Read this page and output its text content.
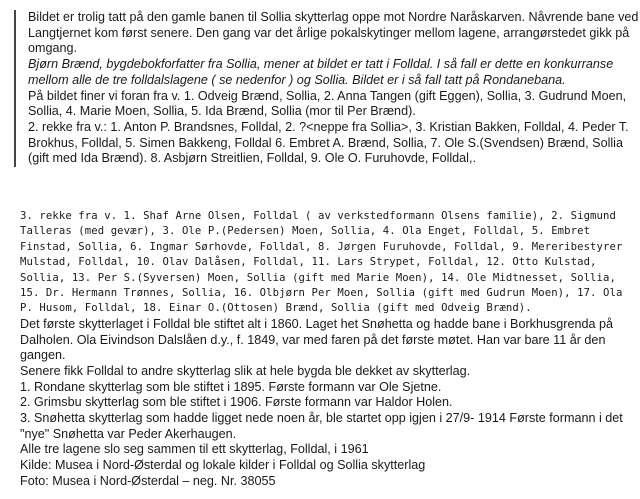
Bildet er trolig tatt på den gamle banen til Sollia skytterlag oppe mot Nordre Naråskarven. Nåvrende bane ved Langtjernet kom først senere. Den gang var det årlige pokalskytinger mellom lagene, arrangørstedet gikk på omgang.

Bjørn Brænd, bygdebokforfatter fra Sollia, mener at bildet er tatt i Folldal. I så fall er dette en konkurranse mellom alle de tre folldalslagene ( se nedenfor ) og Sollia. Bildet er i så fall tatt på Rondanebana.

På bildet finer vi foran fra v. 1. Odveig Brænd, Sollia, 2. Anna Tangen (gift Eggen), Sollia, 3. Gudrund Moen, Sollia, 4. Marie Moen, Sollia, 5. Ida Brænd, Sollia (mor til Per Brænd).

2. rekke fra v.: 1. Anton P. Brandsnes, Folldal, 2. ?<neppe fra Sollia>, 3. Kristian Bakken, Folldal, 4. Peder T. Brokhus, Folldal, 5. Simen Bakkeng, Folldal 6. Embret A. Brænd, Sollia, 7. Ole S.(Svendsen) Brænd, Sollia (gift med Ida Brænd). 8. Asbjørn Streitlien, Folldal, 9. Ole O. Furuhovde, Folldal,.

3. rekke fra v. 1. Shaf Arne Olsen, Folldal ( av verkstedformann Olsens familie), 2. Sigmund Talleras (med gevær), 3. Ole P.(Pedersen) Moen, Sollia, 4. Ola Enget, Folldal, 5. Embret Finstad, Sollia, 6. Ingmar Sørhovde, Folldal, 8. Jørgen Furuhovde, Folldal, 9. Mereribestyrer Mulstad, Folldal, 10. Olav Dalåsen, Folldal, 11. Lars Strypet, Folldal, 12. Otto Kulstad, Sollia, 13. Per S.(Syversen) Moen, Sollia (gift med Marie Moen), 14. Ole Midtnesset, Sollia, 15. Dr. Hermann Trønnes, Sollia, 16. Olbjørn Per Moen, Sollia (gift med Gudrun Moen), 17. Ola P. Husom, Folldal, 18. Einar O.(Ottosen) Brænd, Sollia (gift med Odveig Brænd).

Det første skytterlaget i Folldal ble stiftet alt i 1860. Laget het Snøhetta og hadde bane i Borkhusgrenda på Dalholen. Ola Eivindson Dalslåen d.y., f. 1849, var med faren på det første møtet. Han var bare 11 år den gangen.

Senere fikk Folldal to andre skytterlag slik at hele bygda ble dekket av skytterlag.

1. Rondane skytterlag som ble stiftet i 1895. Første formann var Ole Sjetne.

2. Grimsbu skytterlag som ble stiftet i 1906. Første formann var Haldor Holen.

3. Snøhetta skytterlag som hadde ligget nede noen år, ble startet opp igjen i 27/9- 1914 Første formann i det "nye" Snøhetta var Peder Akerhaugen.

Alle tre lagene slo seg sammen til ett skytterlag, Folldal, i 1961

Kilde: Musea i Nord-Østerdal og lokale kilder i Folldal og Sollia skytterlag

Foto: Musea i Nord-Østerdal – neg. Nr. 38055
